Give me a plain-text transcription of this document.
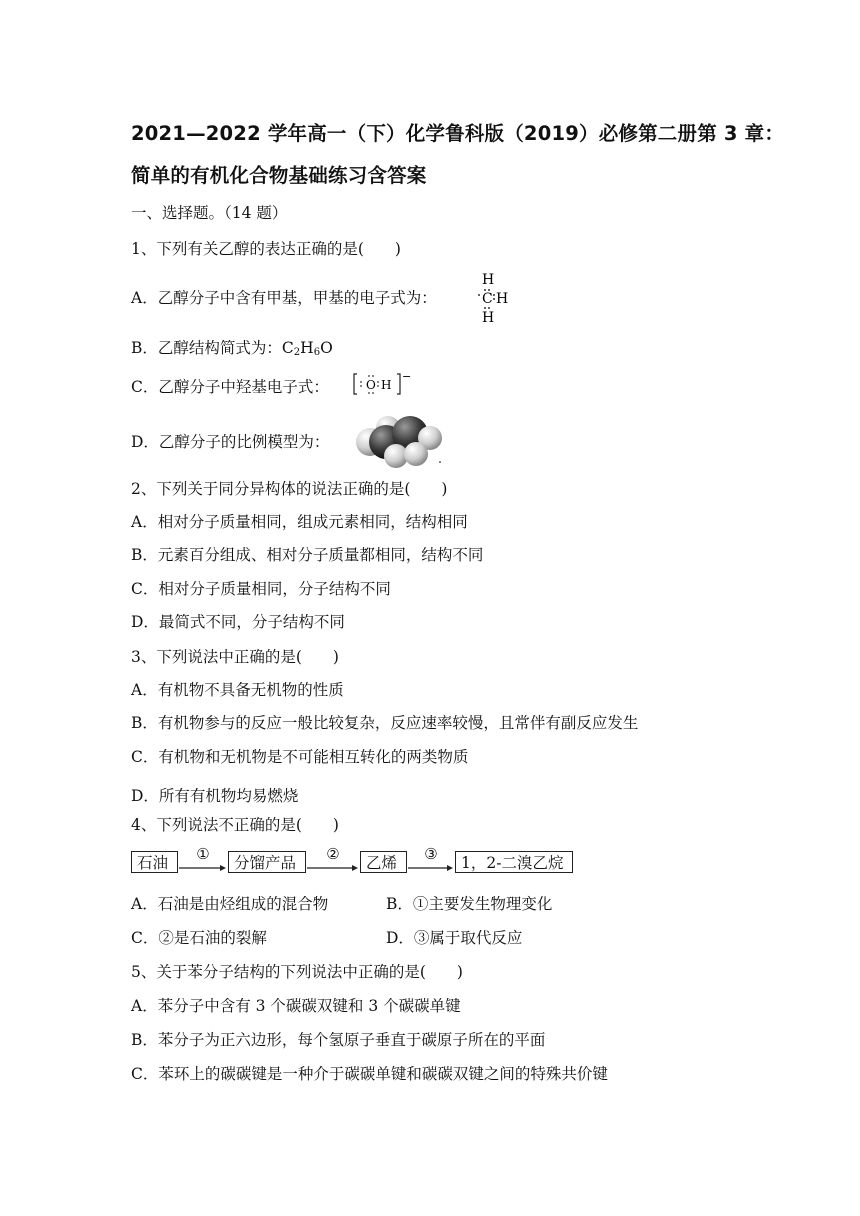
2021—2022 学年高一（下）化学鲁科版（2019）必修第二册第 3 章：
简单的有机化合物基础练习含答案
一、选择题。（14 题）
1、下列有关乙醇的表达正确的是(　　)
A．乙醇分子中含有甲基，甲基的电子式为：
H
C H
H
B．乙醇结构简式为：$C_2H_6O$
C．乙醇分子中羟基电子式：	O H
−
D．乙醇分子的比例模型为：
2、下列关于同分异构体的说法正确的是(　　)
A．相对分子质量相同，组成元素相同，结构相同
B．元素百分组成、相对分子质量都相同，结构不同
C．相对分子质量相同，分子结构不同
D．最简式不同，分子结构不同
3、下列说法中正确的是(　　)
A．有机物不具备无机物的性质
B．有机物参与的反应一般比较复杂，反应速率较慢，且常伴有副反应发生
C．有机物和无机物是不可能相互转化的两类物质
D．所有有机物均易燃烧
4、下列说法不正确的是(　　)
石油	①	分馏产品	②	乙烯	③	1，2-二溴乙烷
A．石油是由烃组成的混合物	B．①主要发生物理变化
C．②是石油的裂解	D．③属于取代反应
5、关于苯分子结构的下列说法中正确的是(　　)
A．苯分子中含有 3 个碳碳双键和 3 个碳碳单键
B．苯分子为正六边形，每个氢原子垂直于碳原子所在的平面
C．苯环上的碳碳键是一种介于碳碳单键和碳碳双键之间的特殊共价键
